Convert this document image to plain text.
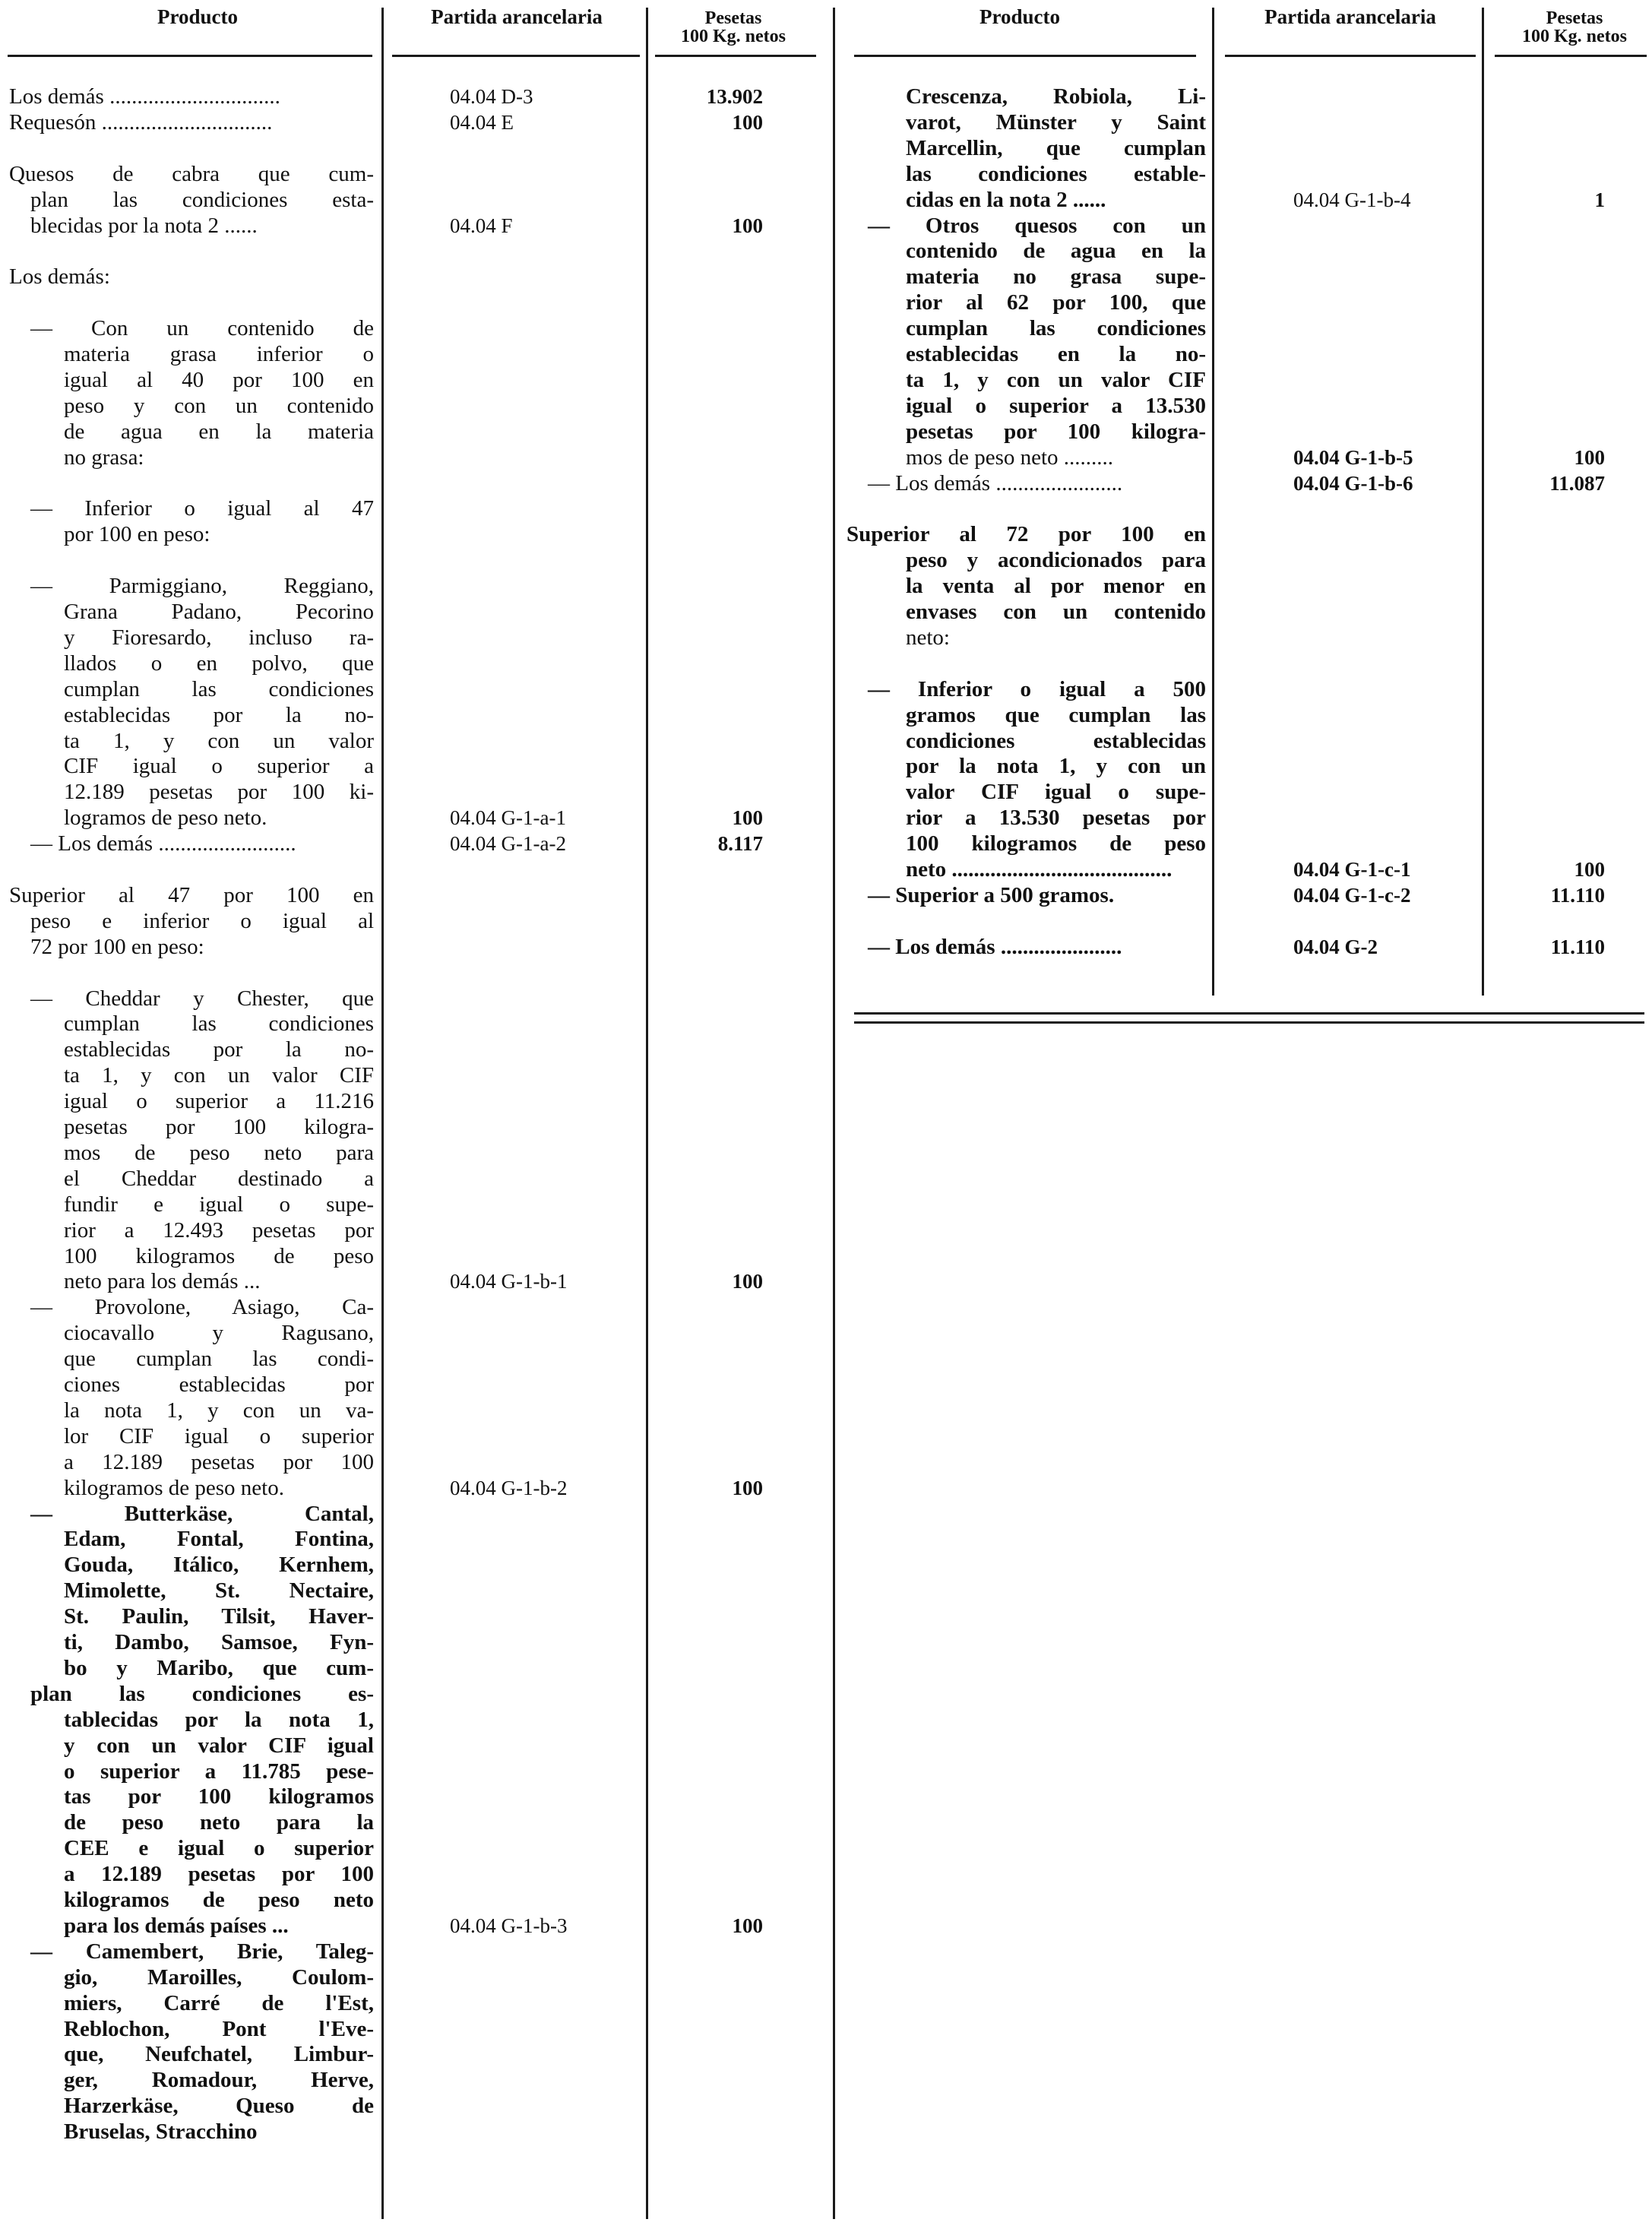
Producto	Partida arancelaria	Pesetas
100 Kg. netos
Los demás ...............................	04.04 D-3	13.902
Requesón ...............................	04.04 E	100
Quesos de cabra que cum-
plan las condiciones esta-
blecidas por la nota 2 ......	04.04 F	100
Los demás:
— Con un contenido de
materia grasa inferior o
igual al 40 por 100 en
peso y con un contenido
de agua en la materia
no grasa:
— Inferior o igual al 47
por 100 en peso:
— Parmiggiano, Reggiano,
Grana Padano, Pecorino
y Fioresardo, incluso ra-
llados o en polvo, que
cumplan las condiciones
establecidas por la no-
ta 1, y con un valor
CIF igual o superior a
12.189 pesetas por 100 ki-
logramos de peso neto.	04.04 G-1-a-1	100
— Los demás .........................	04.04 G-1-a-2	8.117
Superior al 47 por 100 en
peso e inferior o igual al
72 por 100 en peso:
— Cheddar y Chester, que
cumplan las condiciones
establecidas por la no-
ta 1, y con un valor CIF
igual o superior a 11.216
pesetas por 100 kilogra-
mos de peso neto para
el Cheddar destinado a
fundir e igual o supe-
rior a 12.493 pesetas por
100 kilogramos de peso
neto para los demás ...	04.04 G-1-b-1	100
— Provolone, Asiago, Ca-
ciocavallo y Ragusano,
que cumplan las condi-
ciones establecidas por
la nota 1, y con un va-
lor CIF igual o superior
a 12.189 pesetas por 100
kilogramos de peso neto.	04.04 G-1-b-2	100
— Butterkäse, Cantal,
Edam, Fontal, Fontina,
Gouda, Itálico, Kernhem,
Mimolette, St. Nectaire,
St. Paulin, Tilsit, Haver-
ti, Dambo, Samsoe, Fyn-
bo y Maribo, que cum-
plan las condiciones es-
tablecidas por la nota 1,
y con un valor CIF igual
o superior a 11.785 pese-
tas por 100 kilogramos
de peso neto para la
CEE e igual o superior
a 12.189 pesetas por 100
kilogramos de peso neto
para los demás países ...	04.04 G-1-b-3	100
— Camembert, Brie, Taleg-
gio, Maroilles, Coulom-
miers, Carré de l'Est,
Reblochon, Pont l'Eve-
que, Neufchatel, Limbur-
ger, Romadour, Herve,
Harzerkäse, Queso de
Bruselas, Stracchino
Producto	Partida arancelaria	Pesetas
100 Kg. netos
Crescenza, Robiola, Li-
varot, Münster y Saint
Marcellin, que cumplan
las condiciones estable-
cidas en la nota 2 ......	04.04 G-1-b-4	1
— Otros quesos con un
contenido de agua en la
materia no grasa supe-
rior al 62 por 100, que
cumplan las condiciones
establecidas en la no-
ta 1, y con un valor CIF
igual o superior a 13.530
pesetas por 100 kilogra-
mos de peso neto .........	04.04 G-1-b-5	100
— Los demás .......................	04.04 G-1-b-6	11.087
Superior al 72 por 100 en
peso y acondicionados para
la venta al por menor en
envases con un contenido
neto:
— Inferior o igual a 500
gramos que cumplan las
condiciones establecidas
por la nota 1, y con un
valor CIF igual o supe-
rior a 13.530 pesetas por
100 kilogramos de peso
neto ........................................	04.04 G-1-c-1	100
— Superior a 500 gramos.	04.04 G-1-c-2	11.110
— Los demás ......................	04.04 G-2	11.110
